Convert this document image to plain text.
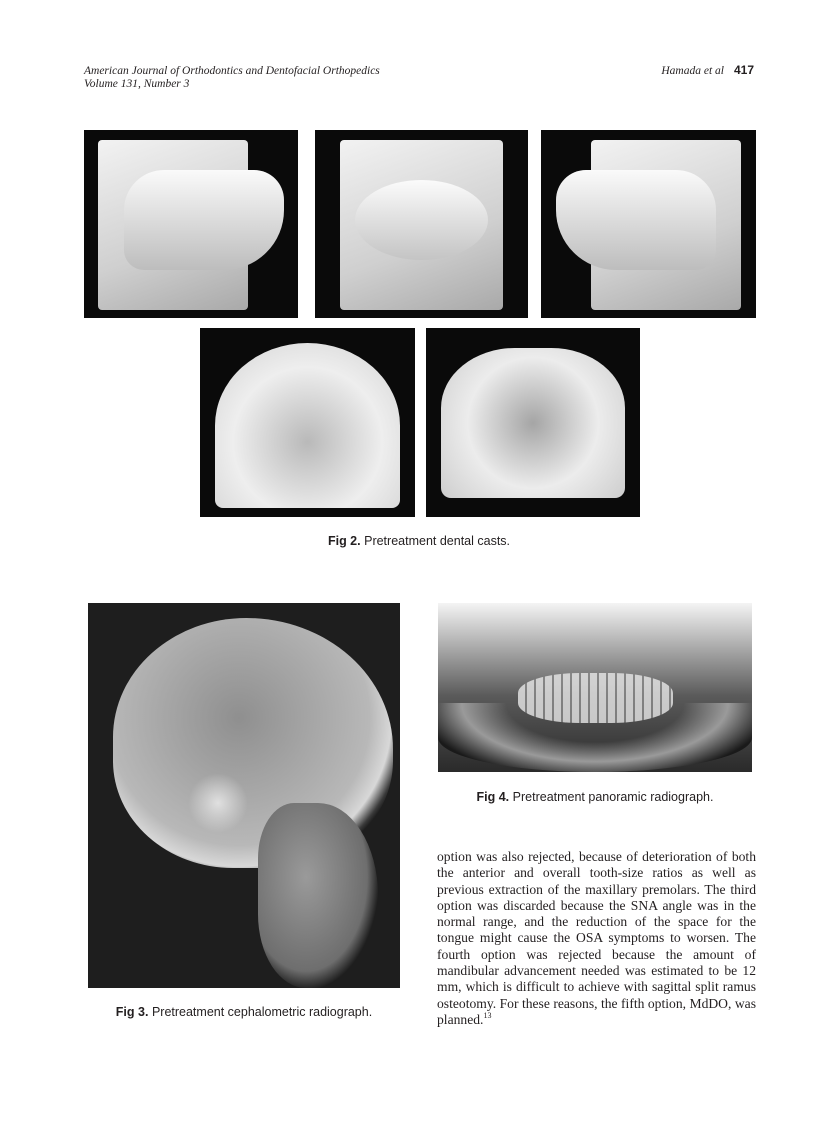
American Journal of Orthodontics and Dentofacial Orthopedics
Volume 131, Number 3
Hamada et al 417
Fig 2. Pretreatment dental casts.
Fig 3. Pretreatment cephalometric radiograph.
Fig 4. Pretreatment panoramic radiograph.
option was also rejected, because of deterioration of both the anterior and overall tooth-size ratios as well as previous extraction of the maxillary premolars. The third option was discarded because the SNA angle was in the normal range, and the reduction of the space for the tongue might cause the OSA symptoms to worsen. The fourth option was rejected because the amount of mandibular advancement needed was estimated to be 12 mm, which is difficult to achieve with sagittal split ramus osteotomy. For these reasons, the fifth option, MdDO, was planned.$^{13}$
